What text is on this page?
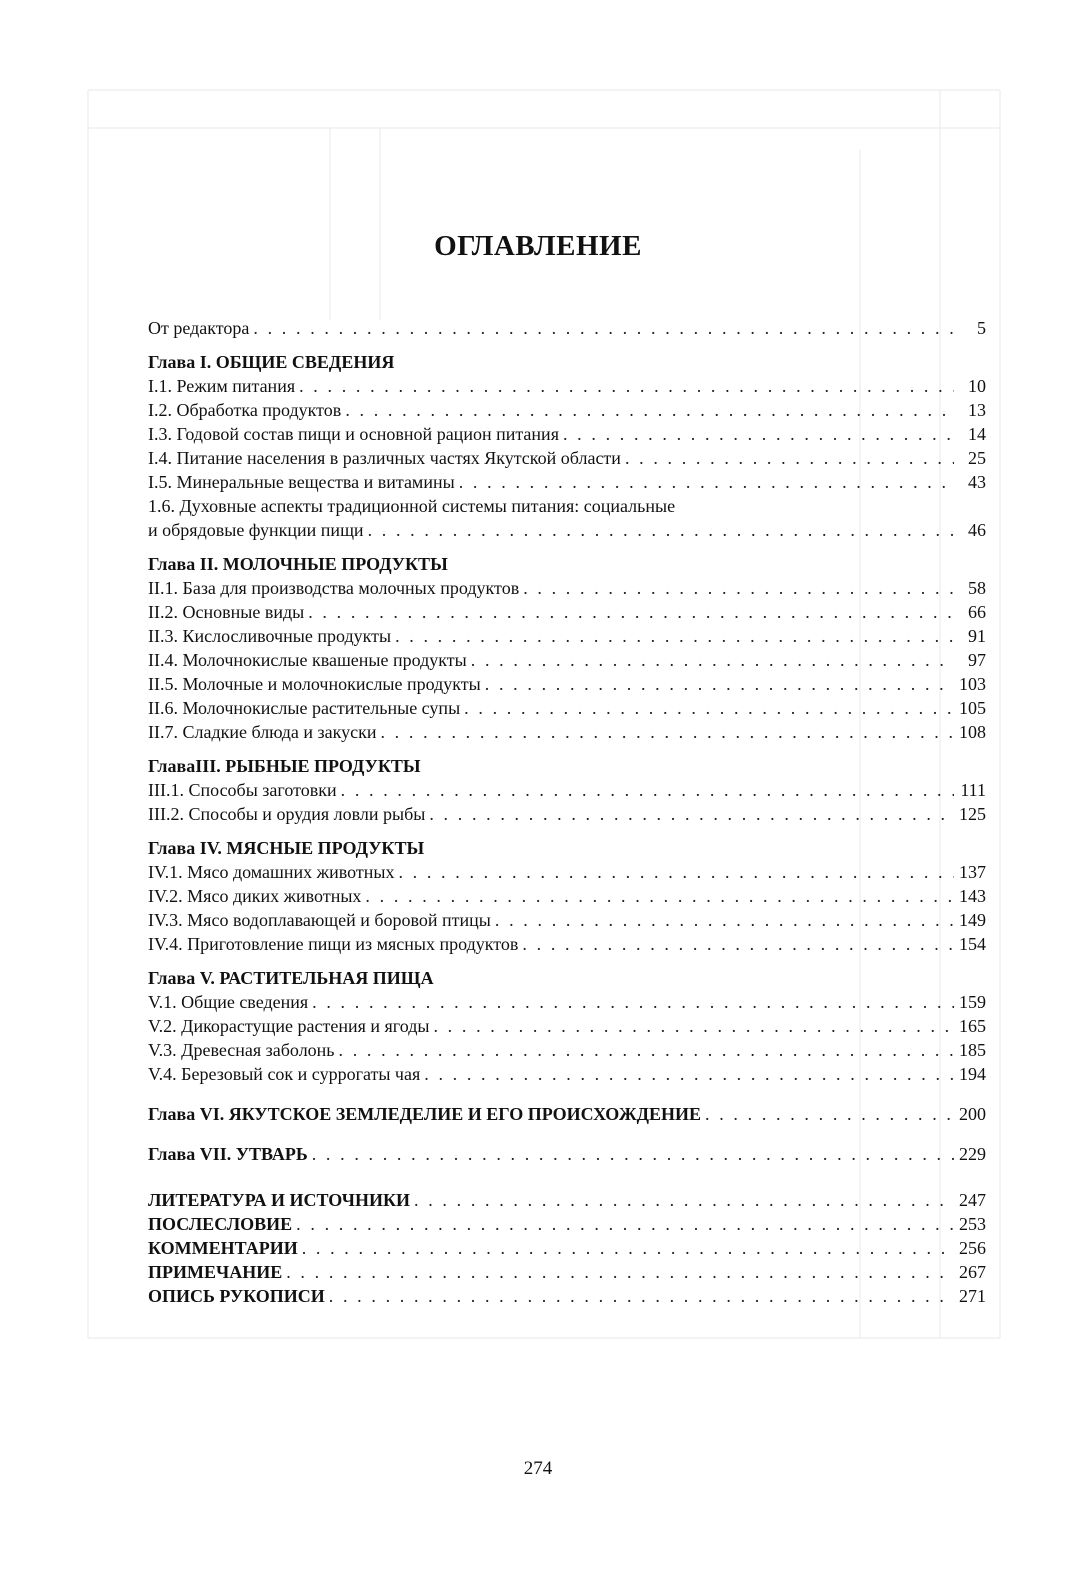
ОГЛАВЛЕНИЕ
От редактора . . .	5
Глава I. ОБЩИЕ СВЕДЕНИЯ
I.1. Режим питания . . .	10
I.2. Обработка продуктов . . .	13
I.3. Годовой состав пищи и основной рацион питания . . .	14
I.4. Питание населения в различных частях Якутской области . . .	25
I.5. Минеральные вещества и витамины . . .	43
1.6. Духовные аспекты традиционной системы питания: социальные
и обрядовые функции пищи . . .	46
Глава II. МОЛОЧНЫЕ ПРОДУКТЫ
II.1. База для производства молочных продуктов . . .	58
II.2. Основные виды . . .	66
II.3. Кислосливочные продукты . . .	91
II.4. Молочнокислые квашеные продукты . . .	97
II.5. Молочные и молочнокислые продукты . . .	103
II.6. Молочнокислые растительные супы . . .	105
II.7. Сладкие блюда и закуски . . .	108
ГлаваIII. РЫБНЫЕ ПРОДУКТЫ
III.1. Способы заготовки . . .	111
III.2. Способы и орудия ловли рыбы . . .	125
Глава IV. МЯСНЫЕ ПРОДУКТЫ
IV.1. Мясо домашних животных . . .	137
IV.2. Мясо диких животных . . .	143
IV.3. Мясо водоплавающей и боровой птицы . . .	149
IV.4. Приготовление пищи из мясных продуктов . . .	154
Глава V. РАСТИТЕЛЬНАЯ ПИЩА
V.1. Общие сведения . . .	159
V.2. Дикорастущие растения и ягоды . . .	165
V.3. Древесная заболонь . . .	185
V.4. Березовый сок и суррогаты чая . . .	194
Глава VI. ЯКУТСКОЕ ЗЕМЛЕДЕЛИЕ И ЕГО ПРОИСХОЖДЕНИЕ . . .	200
Глава VII. УТВАРЬ . . .	229
ЛИТЕРАТУРА И ИСТОЧНИКИ . . .	247
ПОСЛЕСЛОВИЕ . . .	253
КОММЕНТАРИИ . . .	256
ПРИМЕЧАНИЕ . . .	267
ОПИСЬ РУКОПИСИ . . .	271
274
